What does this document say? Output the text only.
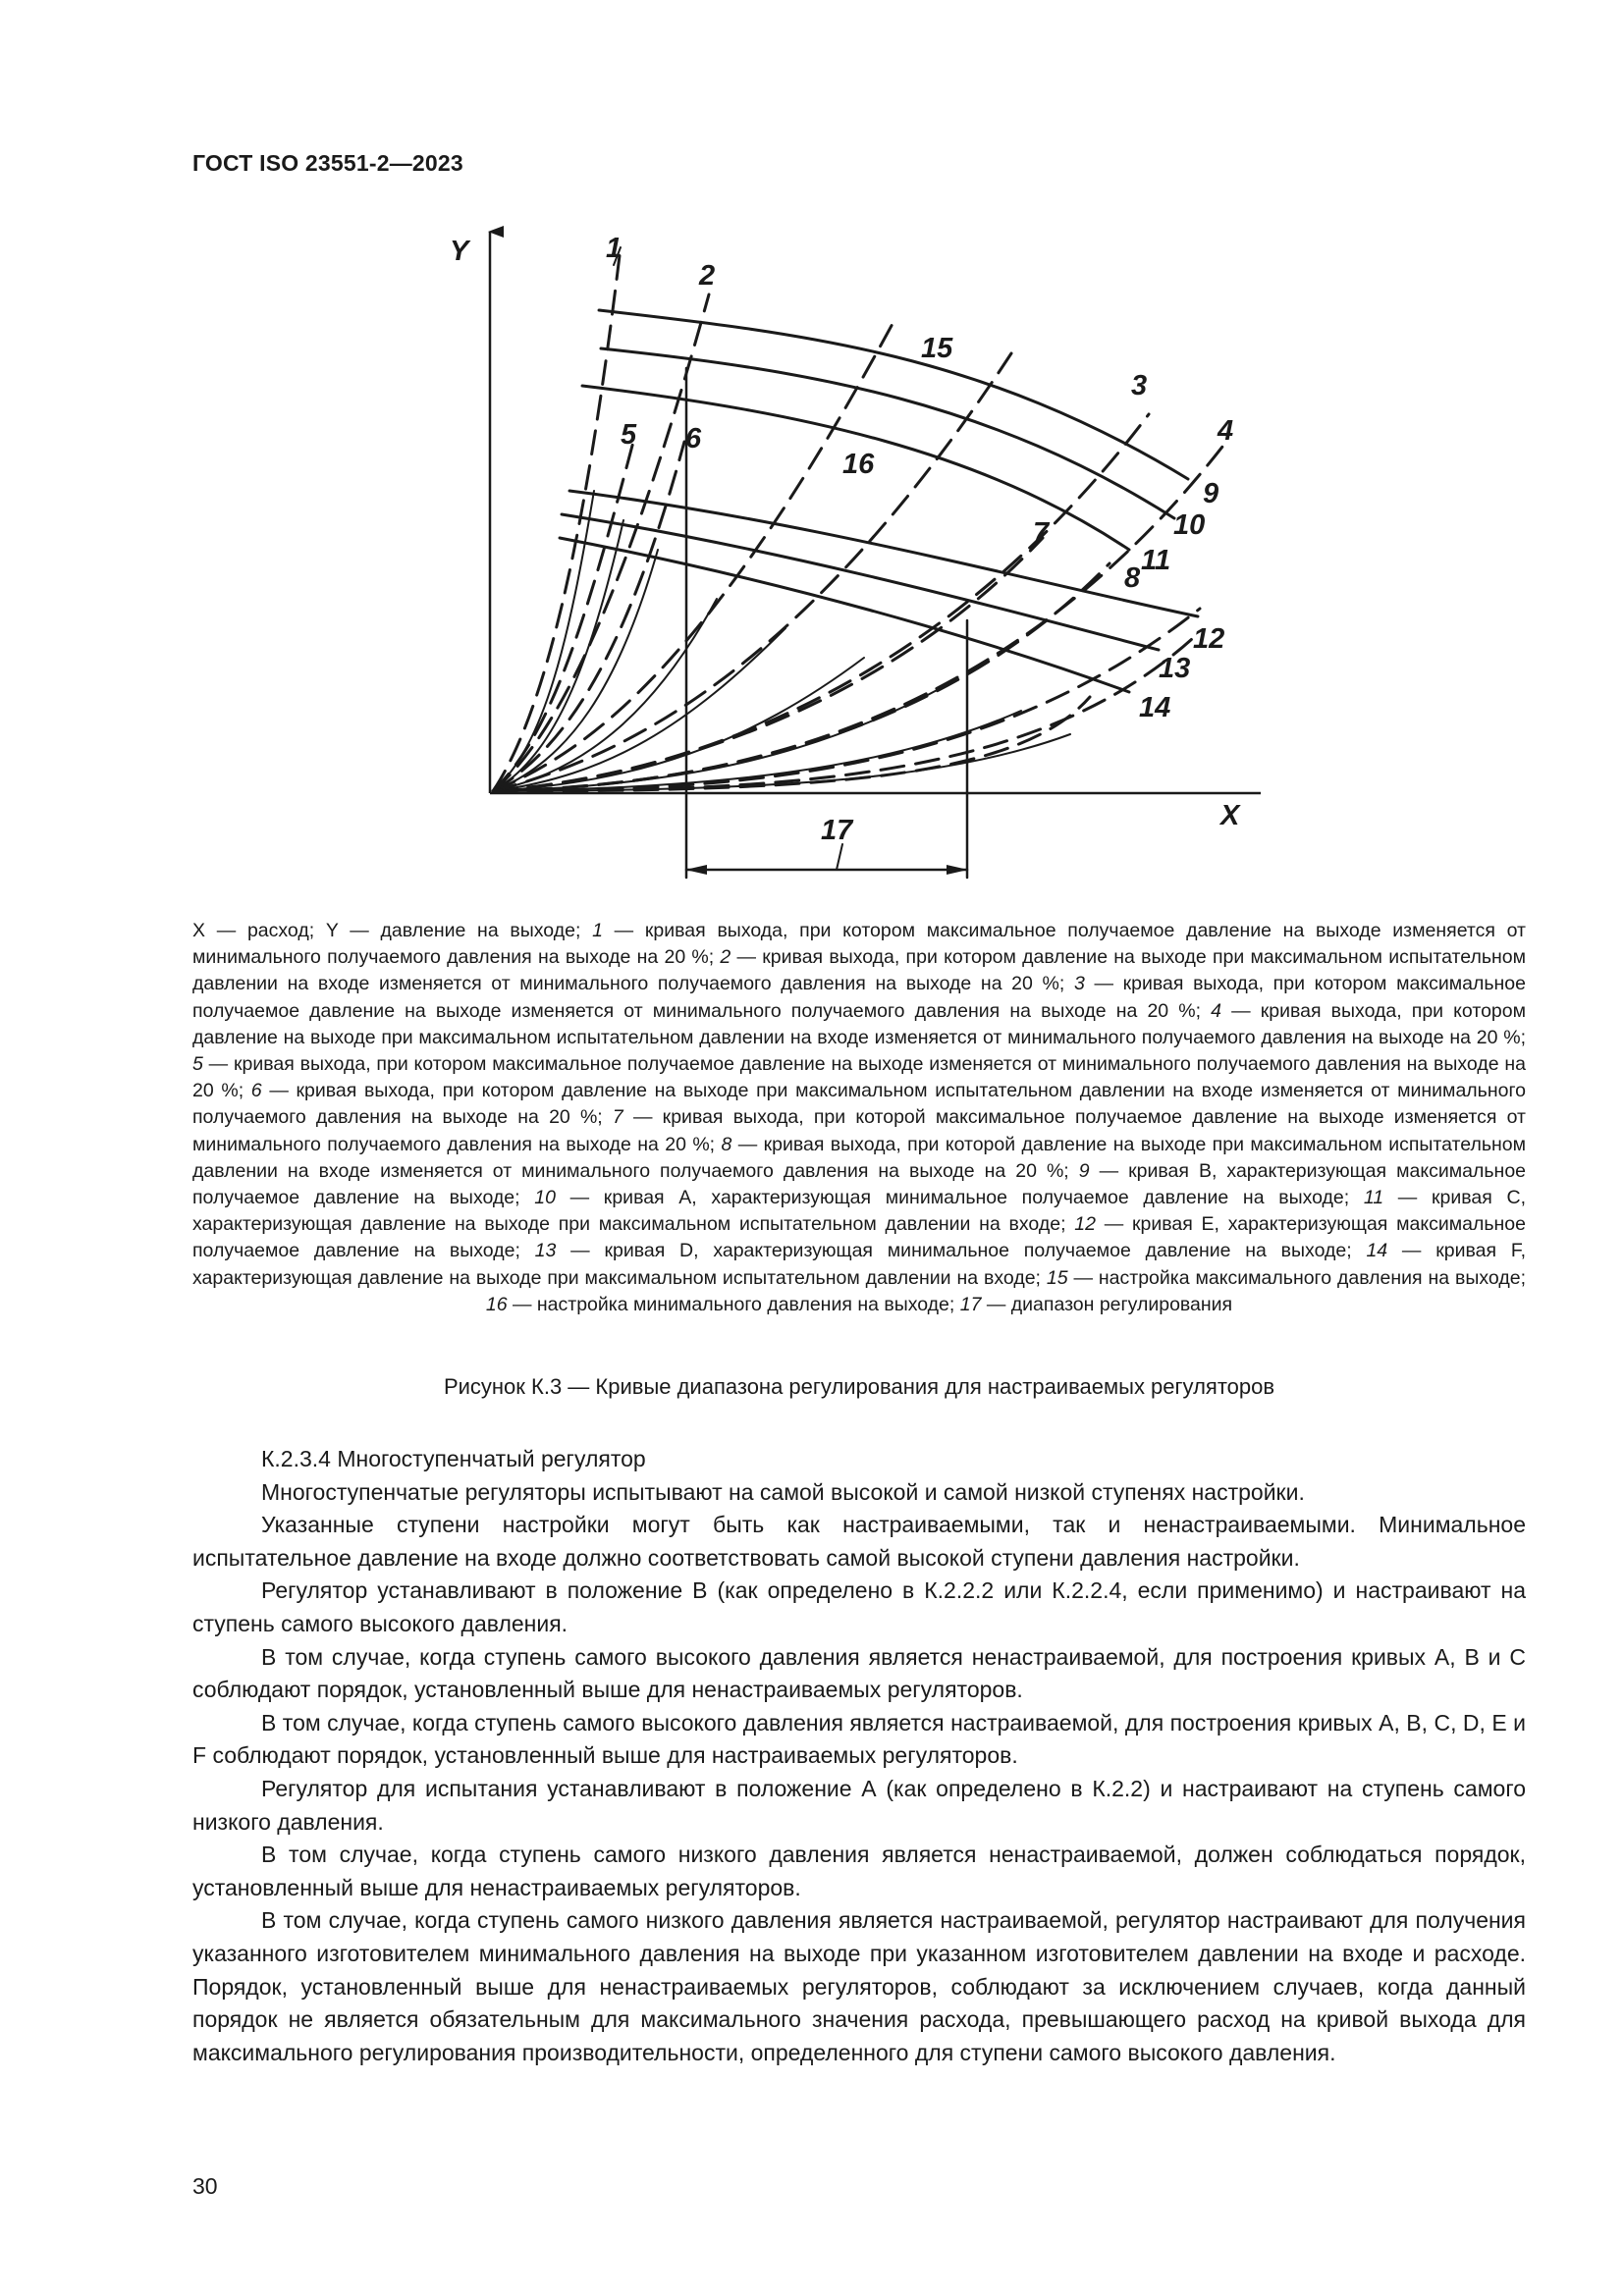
ГОСТ ISO 23551-2—2023
Y
X
1
2
3
4
5 6
7
8
9
10
11
12
13
14
15
16
17
X — расход; Y — давление на выходе; 1 — кривая выхода, при котором максимальное получаемое давление на выходе изменяется от минимального получаемого давления на выходе на 20 %; 2 — кривая выхода, при котором давление на выходе при максимальном испытательном давлении на входе изменяется от минимального получаемого давления на выходе на 20 %; 3 — кривая выхода, при котором максимальное получаемое давление на выходе изменяется от минимального получаемого давления на выходе на 20 %; 4 — кривая выхода, при котором давление на выходе при максимальном испытательном давлении на входе изменяется от минимального получаемого давления на выходе на 20 %; 5 — кривая выхода, при котором максимальное получаемое давление на выходе изменяется от минимального получаемого давления на выходе на 20 %; 6 — кривая выхода, при котором давление на выходе при максимальном испытательном давлении на входе изменяется от минимального получаемого давления на выходе на 20 %; 7 — кривая выхода, при которой максимальное получаемое давление на выходе изменяется от минимального получаемого давления на выходе на 20 %; 8 — кривая выхода, при которой давление на выходе при максимальном испытательном давлении на входе изменяется от минимального получаемого давления на выходе на 20 %; 9 — кривая В, характеризующая максимальное получаемое давление на выходе; 10 — кривая А, характеризующая минимальное получаемое давление на выходе; 11 — кривая С, характеризующая давление на выходе при максимальном испытательном давлении на входе; 12 — кривая Е, характеризующая максимальное получаемое давление на выходе; 13 — кривая D, характеризующая минимальное получаемое давление на выходе; 14 — кривая F, характеризующая давление на выходе при максимальном испытательном давлении на входе; 15 — настройка максимального давления на выходе; 16 — настройка минимального давления на выходе; 17 — диапазон регулирования
Рисунок К.3 — Кривые диапазона регулирования для настраиваемых регуляторов

К.2.3.4 Многоступенчатый регулятор

Многоступенчатые регуляторы испытывают на самой высокой и самой низкой ступенях настройки.

Указанные ступени настройки могут быть как настраиваемыми, так и ненастраиваемыми. Минимальное испытательное давление на входе должно соответствовать самой высокой ступени давления настройки.

Регулятор устанавливают в положение В (как определено в К.2.2.2 или К.2.2.4, если применимо) и настраивают на ступень самого высокого давления.

В том случае, когда ступень самого высокого давления является ненастраиваемой, для построения кривых А, В и С соблюдают порядок, установленный выше для ненастраиваемых регуляторов.

В том случае, когда ступень самого высокого давления является настраиваемой, для построения кривых А, В, С, D, Е и F соблюдают порядок, установленный выше для настраиваемых регуляторов.

Регулятор для испытания устанавливают в положение А (как определено в К.2.2) и настраивают на ступень самого низкого давления.

В том случае, когда ступень самого низкого давления является ненастраиваемой, должен соблюдаться порядок, установленный выше для ненастраиваемых регуляторов.

В том случае, когда ступень самого низкого давления является настраиваемой, регулятор настраивают для получения указанного изготовителем минимального давления на выходе при указанном изготовителем давлении на входе и расходе. Порядок, установленный выше для ненастраиваемых регуляторов, соблюдают за исключением случаев, когда данный порядок не является обязательным для максимального значения расхода, превышающего расход на кривой выхода для максимального регулирования производительности, определенного для ступени самого высокого давления.

30
